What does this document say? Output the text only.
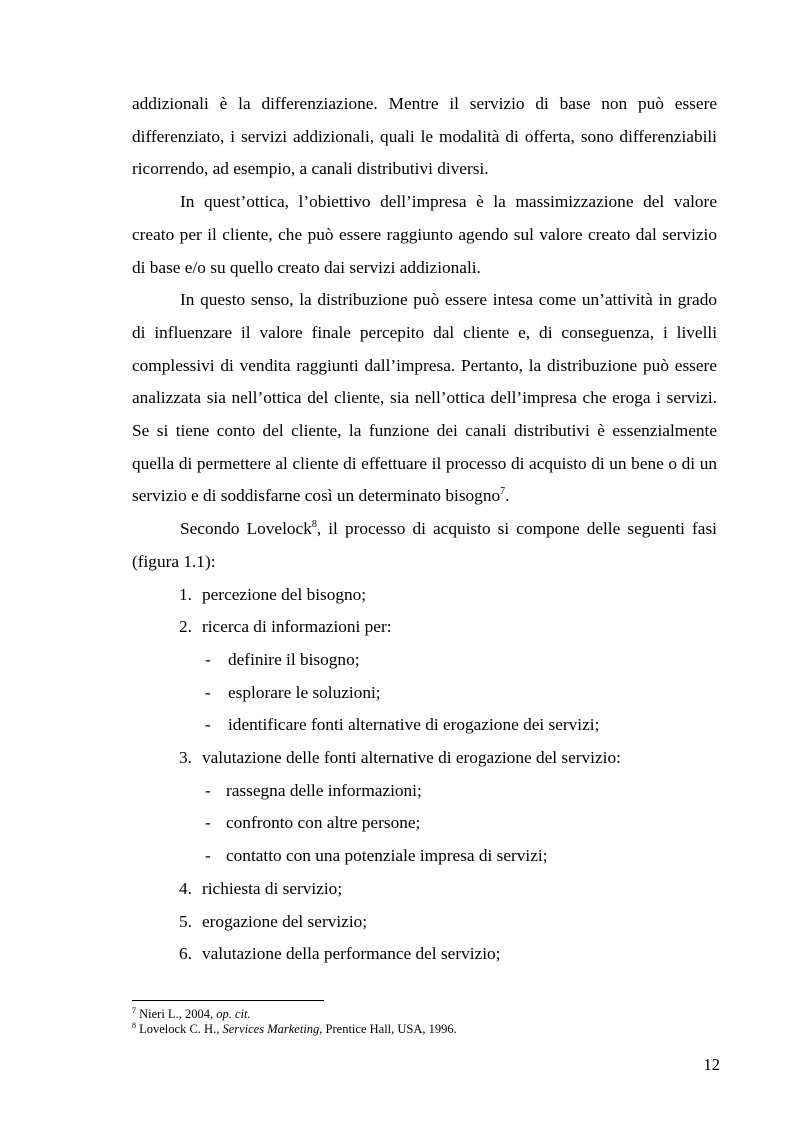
addizionali è la differenziazione. Mentre il servizio di base non può essere differenziato, i servizi addizionali, quali le modalità di offerta, sono differenziabili ricorrendo, ad esempio, a canali distributivi diversi.

In quest’ottica, l’obiettivo dell’impresa è la massimizzazione del valore creato per il cliente, che può essere raggiunto agendo sul valore creato dal servizio di base e/o su quello creato dai servizi addizionali.

In questo senso, la distribuzione può essere intesa come un’attività in grado di influenzare il valore finale percepito dal cliente e, di conseguenza, i livelli complessivi di vendita raggiunti dall’impresa. Pertanto, la distribuzione può essere analizzata sia nell’ottica del cliente, sia nell’ottica dell’impresa che eroga i servizi. Se si tiene conto del cliente, la funzione dei canali distributivi è essenzialmente quella di permettere al cliente di effettuare il processo di acquisto di un bene o di un servizio e di soddisfarne così un determinato bisogno$^7$.

Secondo Lovelock$^8$, il processo di acquisto si compone delle seguenti fasi (figura 1.1):

1. percezione del bisogno;
2. ricerca di informazioni per:
- definire il bisogno;
- esplorare le soluzioni;
- identificare fonti alternative di erogazione dei servizi;
3. valutazione delle fonti alternative di erogazione del servizio:
- rassegna delle informazioni;
- confronto con altre persone;
- contatto con una potenziale impresa di servizi;
4. richiesta di servizio;
5. erogazione del servizio;
6. valutazione della performance del servizio;
$^7$ Nieri L., 2004, op. cit.
$^8$ Lovelock C. H., Services Marketing, Prentice Hall, USA, 1996.
12
